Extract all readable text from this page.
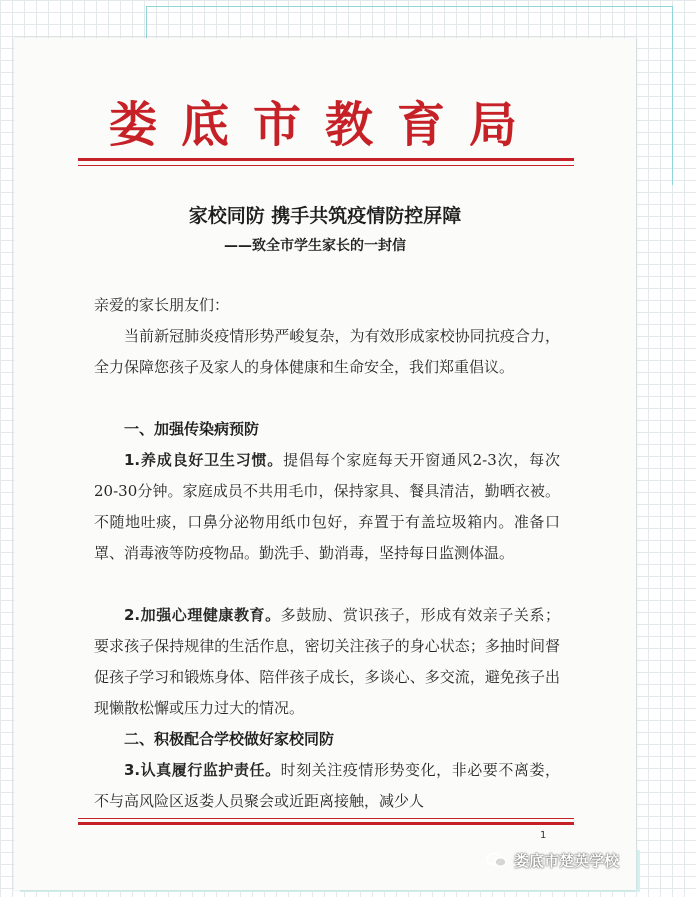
娄底市教育局
家校同防 携手共筑疫情防控屏障
——致全市学生家长的一封信
亲爱的家长朋友们：
当前新冠肺炎疫情形势严峻复杂，为有效形成家校协同抗疫合力，全力保障您孩子及家人的身体健康和生命安全，我们郑重倡议。
一、加强传染病预防
1.养成良好卫生习惯。提倡每个家庭每天开窗通风2-3次，每次20-30分钟。家庭成员不共用毛巾，保持家具、餐具清洁，勤晒衣被。不随地吐痰，口鼻分泌物用纸巾包好，弃置于有盖垃圾箱内。准备口罩、消毒液等防疫物品。勤洗手、勤消毒，坚持每日监测体温。
2.加强心理健康教育。多鼓励、赏识孩子，形成有效亲子关系；要求孩子保持规律的生活作息，密切关注孩子的身心状态；多抽时间督促孩子学习和锻炼身体、陪伴孩子成长，多谈心、多交流，避免孩子出现懒散松懈或压力过大的情况。
二、积极配合学校做好家校同防
3.认真履行监护责任。时刻关注疫情形势变化，非必要不离娄，不与高风险区返娄人员聚会或近距离接触，减少人
1
娄底市楚英学校
